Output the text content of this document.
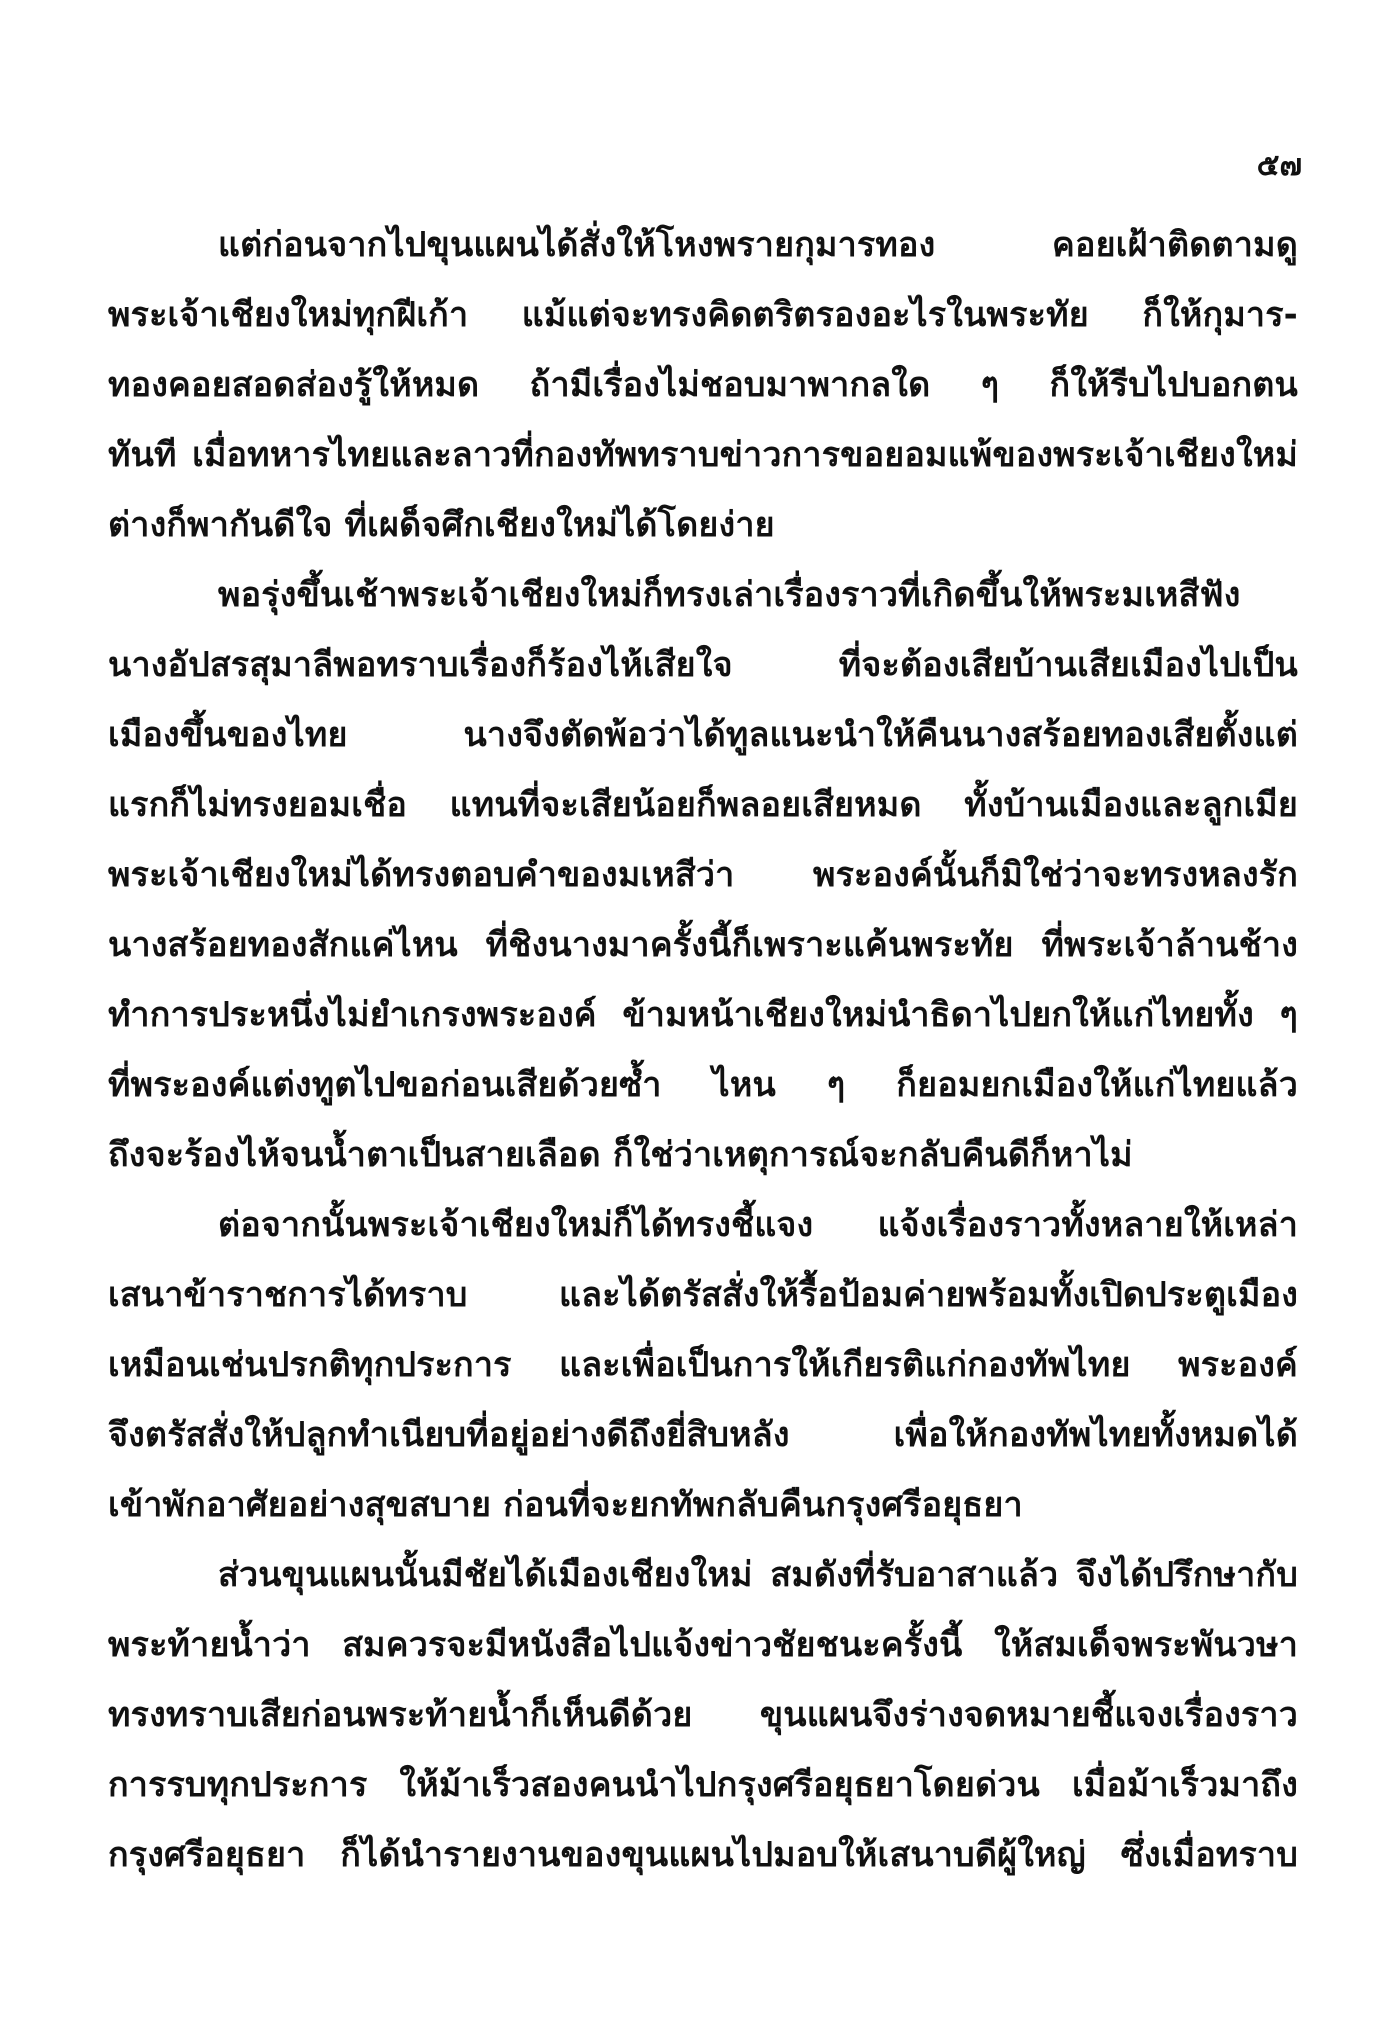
๕๗
แต่ก่อนจากไปขุนแผนได้สั่งให้โหงพรายกุมารทอง คอยเฝ้าติดตามดู
พระเจ้าเชียงใหม่ทุกฝีเก้า แม้แต่จะทรงคิดตริตรองอะไรในพระทัย ก็ให้กุมาร-
ทองคอยสอดส่องรู้ให้หมด ถ้ามีเรื่องไม่ชอบมาพากลใด ๆ ก็ให้รีบไปบอกตน
ทันที เมื่อทหารไทยและลาวที่กองทัพทราบข่าวการขอยอมแพ้ของพระเจ้าเชียงใหม่
ต่างก็พากันดีใจ ที่เผด็จศึกเชียงใหม่ได้โดยง่าย
พอรุ่งขึ้นเช้าพระเจ้าเชียงใหม่ก็ทรงเล่าเรื่องราวที่เกิดขึ้นให้พระมเหสีฟัง
นางอัปสรสุมาลีพอทราบเรื่องก็ร้องไห้เสียใจ ที่จะต้องเสียบ้านเสียเมืองไปเป็น
เมืองขึ้นของไทย นางจึงตัดพ้อว่าได้ทูลแนะนำให้คืนนางสร้อยทองเสียตั้งแต่
แรกก็ไม่ทรงยอมเชื่อ แทนที่จะเสียน้อยก็พลอยเสียหมด ทั้งบ้านเมืองและลูกเมีย
พระเจ้าเชียงใหม่ได้ทรงตอบคำของมเหสีว่า พระองค์นั้นก็มิใช่ว่าจะทรงหลงรัก
นางสร้อยทองสักแค่ไหน ที่ชิงนางมาครั้งนี้ก็เพราะแค้นพระทัย ที่พระเจ้าล้านช้าง
ทำการประหนึ่งไม่ยำเกรงพระองค์ ข้ามหน้าเชียงใหม่นำธิดาไปยกให้แก่ไทยทั้ง ๆ
ที่พระองค์แต่งทูตไปขอก่อนเสียด้วยซ้ำ ไหน ๆ ก็ยอมยกเมืองให้แก่ไทยแล้ว
ถึงจะร้องไห้จนน้ำตาเป็นสายเลือด ก็ใช่ว่าเหตุการณ์จะกลับคืนดีก็หาไม่
ต่อจากนั้นพระเจ้าเชียงใหม่ก็ได้ทรงชี้แจง แจ้งเรื่องราวทั้งหลายให้เหล่า
เสนาข้าราชการได้ทราบ และได้ตรัสสั่งให้รื้อป้อมค่ายพร้อมทั้งเปิดประตูเมือง
เหมือนเช่นปรกติทุกประการ และเพื่อเป็นการให้เกียรติแก่กองทัพไทย พระองค์
จึงตรัสสั่งให้ปลูกทำเนียบที่อยู่อย่างดีถึงยี่สิบหลัง เพื่อให้กองทัพไทยทั้งหมดได้
เข้าพักอาศัยอย่างสุขสบาย ก่อนที่จะยกทัพกลับคืนกรุงศรีอยุธยา
ส่วนขุนแผนนั้นมีชัยได้เมืองเชียงใหม่ สมดังที่รับอาสาแล้ว จึงได้ปรึกษากับ
พระท้ายน้ำว่า สมควรจะมีหนังสือไปแจ้งข่าวชัยชนะครั้งนี้ ให้สมเด็จพระพันวษา
ทรงทราบเสียก่อนพระท้ายน้ำก็เห็นดีด้วย ขุนแผนจึงร่างจดหมายชี้แจงเรื่องราว
การรบทุกประการ ให้ม้าเร็วสองคนนำไปกรุงศรีอยุธยาโดยด่วน เมื่อม้าเร็วมาถึง
กรุงศรีอยุธยา ก็ได้นำรายงานของขุนแผนไปมอบให้เสนาบดีผู้ใหญ่ ซึ่งเมื่อทราบ
